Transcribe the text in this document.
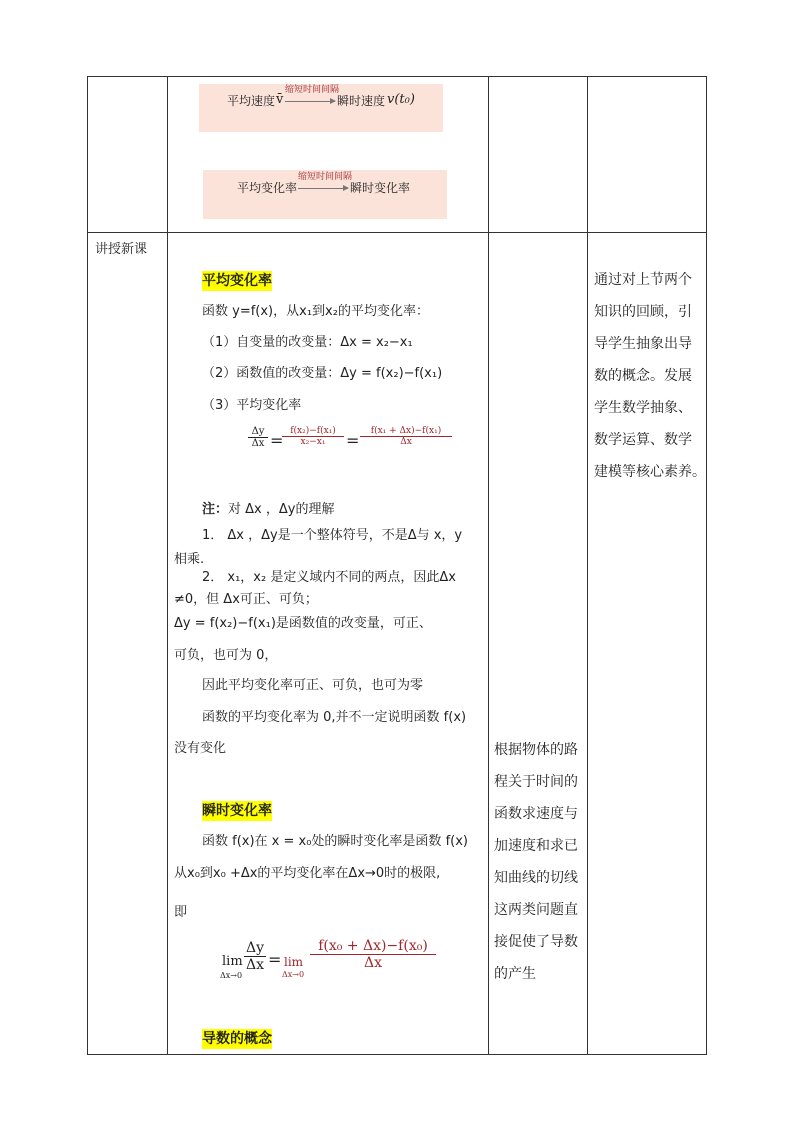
平均速度 v̄
缩短时间间隔
瞬时速度 v(t₀)
平均变化率
缩短时间间隔
瞬时变化率
讲授新课
平均变化率
函数 y=f(x)，从x₁到x₂的平均变化率：
（1）自变量的改变量：Δx = x₂−x₁
（2）函数值的改变量：Δy = f(x₂)−f(x₁)
（3）平均变化率
Δy
Δx = f(x₂)−f(x₁)
x₂−x₁	=	f(x₁ + Δx)−f(x₁)
Δx
注：对 Δx ，Δy的理解
1． Δx ，Δy是一个整体符号，不是Δ与 x，y
相乘.
2． x₁，x₂ 是定义域内不同的两点，因此Δx
≠0，但 Δx可正、可负；
Δy = f(x₂)−f(x₁)是函数值的改变量，可正、
可负，也可为 0，
因此平均变化率可正、可负，也可为零
函数的平均变化率为 0,并不一定说明函数 f(x)
没有变化
瞬时变化率
函数 f(x)在 x = x₀处的瞬时变化率是函数 f(x)
从x₀到x₀ +Δx的平均变化率在Δx→0时的极限,
即
lim
Δx→0
Δy
Δx = lim
Δx→0
f(x₀ + Δx)−f(x₀)
Δx
导数的概念
根据物体的路
程关于时间的
函数求速度与
加速度和求已
知曲线的切线
这两类问题直
接促使了导数
的产生
通过对上节两个
知识的回顾，引
导学生抽象出导
数的概念。发展
学生数学抽象、
数学运算、数学
建模等核心素养。
